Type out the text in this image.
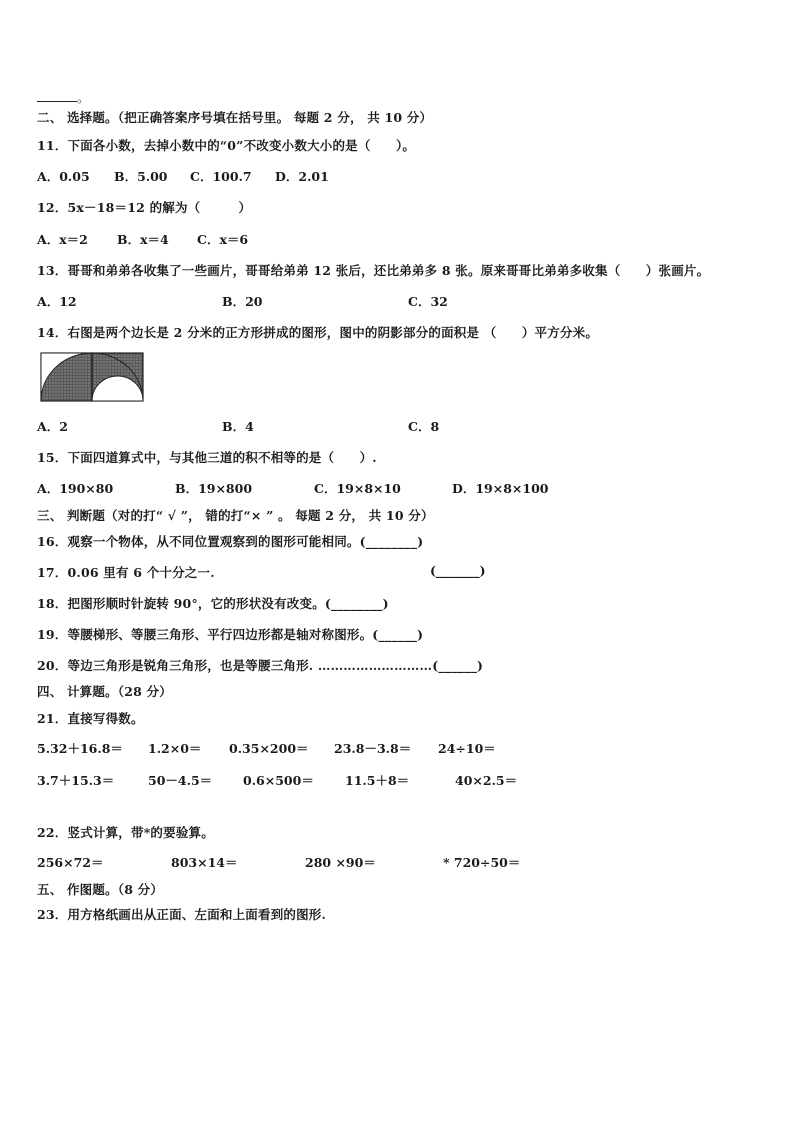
。
二、 选择题。（把正确答案序号填在括号里。 每题 2 分， 共 10 分）
11．下面各小数，去掉小数中的“0”不改变小数大小的是（　　）。
A．0.05 B．5.00 C．100.7 D．2.01
12．5x－18＝12 的解为（　　　）
A．x＝2 B．x＝4 C．x＝6
13．哥哥和弟弟各收集了一些画片，哥哥给弟弟 12 张后，还比弟弟多 8 张。原来哥哥比弟弟多收集（　　）张画片。
A．12	B．20	C．32
14．右图是两个边长是 2 分米的正方形拼成的图形，图中的阴影部分的面积是 （　　）平方分米。
A．2	B．4	C．8
15．下面四道算式中，与其他三道的积不相等的是（　　）.
A．190×80	B．19×800	C．19×8×10	D．19×8×100
三、 判断题（对的打“ √ ”， 错的打“× ” 。 每题 2 分， 共 10 分）
16．观察一个物体，从不同位置观察到的图形可能相同。(________)
17．0.06 里有 6 个十分之一.	(_______)
18．把图形顺时针旋转 90°，它的形状没有改变。(________)
19．等腰梯形、等腰三角形、平行四边形都是轴对称图形。(______)
20．等边三角形是锐角三角形，也是等腰三角形. ………………………(______)
四、 计算题。（28 分）
21．直接写得数。
5.32＋16.8＝ 1.2×0＝ 0.35×200＝ 23.8－3.8＝ 24÷10＝
3.7＋15.3＝	50－4.5＝ 0.6×500＝ 11.5＋8＝	40×2.5＝
22．竖式计算，带*的要验算。
256×72＝	803×14＝	280 ×90＝	* 720÷50＝
五、 作图题。（8 分）
23．用方格纸画出从正面、左面和上面看到的图形.
